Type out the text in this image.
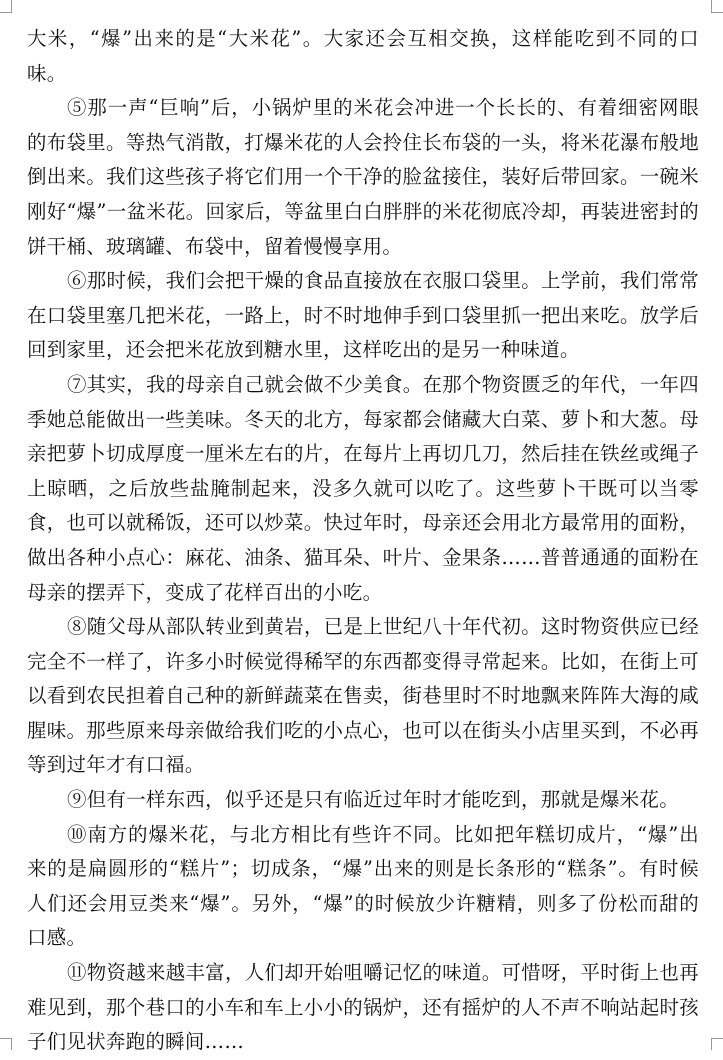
大米，“爆”出来的是“大米花”。大家还会互相交换，这样能吃到不同的口味。

⑤那一声“巨响”后，小锅炉里的米花会冲进一个长长的、有着细密网眼的布袋里。等热气消散，打爆米花的人会拎住长布袋的一头，将米花瀑布般地倒出来。我们这些孩子将它们用一个干净的脸盆接住，装好后带回家。一碗米刚好“爆”一盆米花。回家后，等盆里白白胖胖的米花彻底冷却，再装进密封的饼干桶、玻璃罐、布袋中，留着慢慢享用。

⑥那时候，我们会把干燥的食品直接放在衣服口袋里。上学前，我们常常在口袋里塞几把米花，一路上，时不时地伸手到口袋里抓一把出来吃。放学后回到家里，还会把米花放到糖水里，这样吃出的是另一种味道。

⑦其实，我的母亲自己就会做不少美食。在那个物资匮乏的年代，一年四季她总能做出一些美味。冬天的北方，每家都会储藏大白菜、萝卜和大葱。母亲把萝卜切成厚度一厘米左右的片，在每片上再切几刀，然后挂在铁丝或绳子上晾晒，之后放些盐腌制起来，没多久就可以吃了。这些萝卜干既可以当零食，也可以就稀饭，还可以炒菜。快过年时，母亲还会用北方最常用的面粉，做出各种小点心：麻花、油条、猫耳朵、叶片、金果条……普普通通的面粉在母亲的摆弄下，变成了花样百出的小吃。

⑧随父母从部队转业到黄岩，已是上世纪八十年代初。这时物资供应已经完全不一样了，许多小时候觉得稀罕的东西都变得寻常起来。比如，在街上可以看到农民担着自己种的新鲜蔬菜在售卖，街巷里时不时地飘来阵阵大海的咸腥味。那些原来母亲做给我们吃的小点心，也可以在街头小店里买到，不必再等到过年才有口福。

⑨但有一样东西，似乎还是只有临近过年时才能吃到，那就是爆米花。

⑩南方的爆米花，与北方相比有些许不同。比如把年糕切成片，“爆”出来的是扁圆形的“糕片”；切成条，“爆”出来的则是长条形的“糕条”。有时候人们还会用豆类来“爆”。另外，“爆”的时候放少许糖精，则多了份松而甜的口感。

⑪物资越来越丰富，人们却开始咀嚼记忆的味道。可惜呀，平时街上也再难见到，那个巷口的小车和车上小小的锅炉，还有摇炉的人不声不响站起时孩子们见状奔跑的瞬间……
